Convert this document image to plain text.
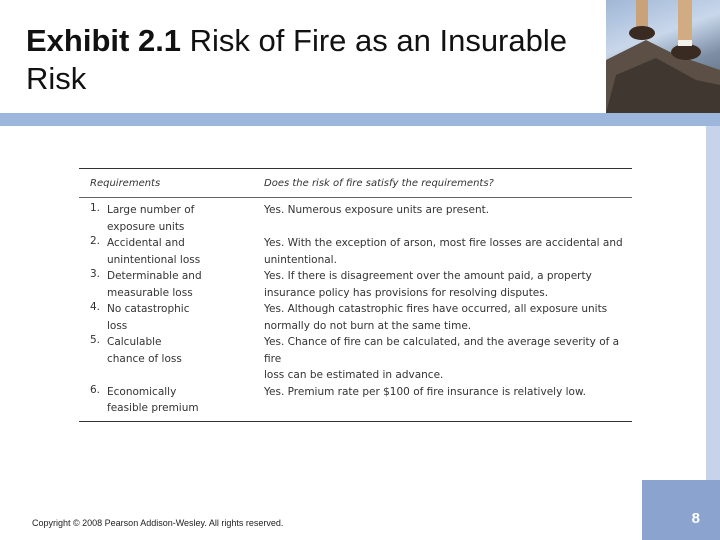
Exhibit 2.1 Risk of Fire as an Insurable Risk
Requirements	Does the risk of fire satisfy the requirements?
1. Large number of
exposure units
Yes. Numerous exposure units are present.
2. Accidental and
unintentional loss
Yes. With the exception of arson, most fire losses are accidental and
unintentional.
3. Determinable and
measurable loss
Yes. If there is disagreement over the amount paid, a property
insurance policy has provisions for resolving disputes.
4. No catastrophic
loss
Yes. Although catastrophic fires have occurred, all exposure units
normally do not burn at the same time.
5. Calculable
chance of loss
Yes. Chance of fire can be calculated, and the average severity of a fire
loss can be estimated in advance.
6. Economically
feasible premium
Yes. Premium rate per $100 of fire insurance is relatively low.
Copyright © 2008 Pearson Addison-Wesley. All rights reserved.	8
